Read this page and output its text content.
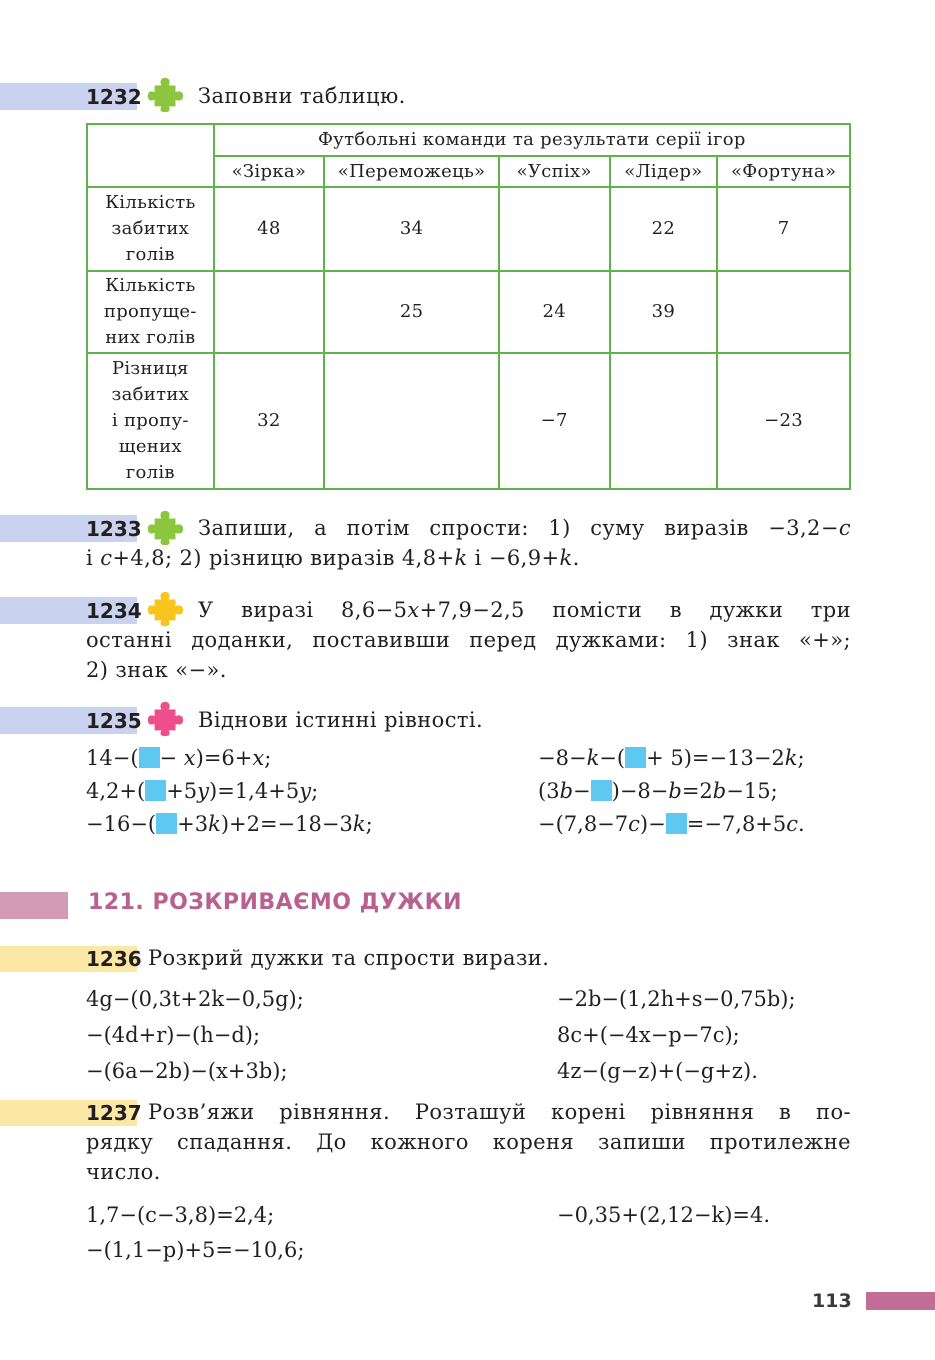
1232	Заповни таблицю.
	Футбольні команди та результати серії ігор				
	«Зірка»	«Переможець»	«Успіх»	«Лідер»	«Фортуна»

Кількість
забитих
голів	48	34		22	7

Кількість
пропуще-
них голів		25	24	39	

Різниця
забитих
і пропу-
щених
голів	32		−7		−23
1233	Запиши, а потім спрости: 1) суму виразів −3,2−c
і c+4,8; 2) різницю виразів 4,8+k і −6,9+k.
1234	У виразі 8,6−5x+7,9−2,5 помісти в дужки три
останні доданки, поставивши перед дужками: 1) знак «+»;
2) знак «−».
1235	Віднови істинні рівності.
14−( − x)=6+x;
4,2+( +5y)=1,4+5y;
−16−( +3k)+2=−18−3k;
−8−k−( + 5)=−13−2k;
(3b− )−8−b=2b−15;
−(7,8−7c)− =−7,8+5c.
121. РОЗКРИВАЄМО ДУЖКИ
1236 Розкрий дужки та спрости вирази.
4g−(0,3t+2k−0,5g);
−(4d+r)−(h−d);
−(6a−2b)−(x+3b);
−2b−(1,2h+s−0,75b);
8c+(−4x−p−7c);
4z−(g−z)+(−g+z).
1237 Розв’яжи рівняння. Розташуй корені рівняння в по-
рядку спадання. До кожного кореня запиши протилежне
число.
1,7−(c−3,8)=2,4;
−(1,1−p)+5=−10,6;
−0,35+(2,12−k)=4.
113
